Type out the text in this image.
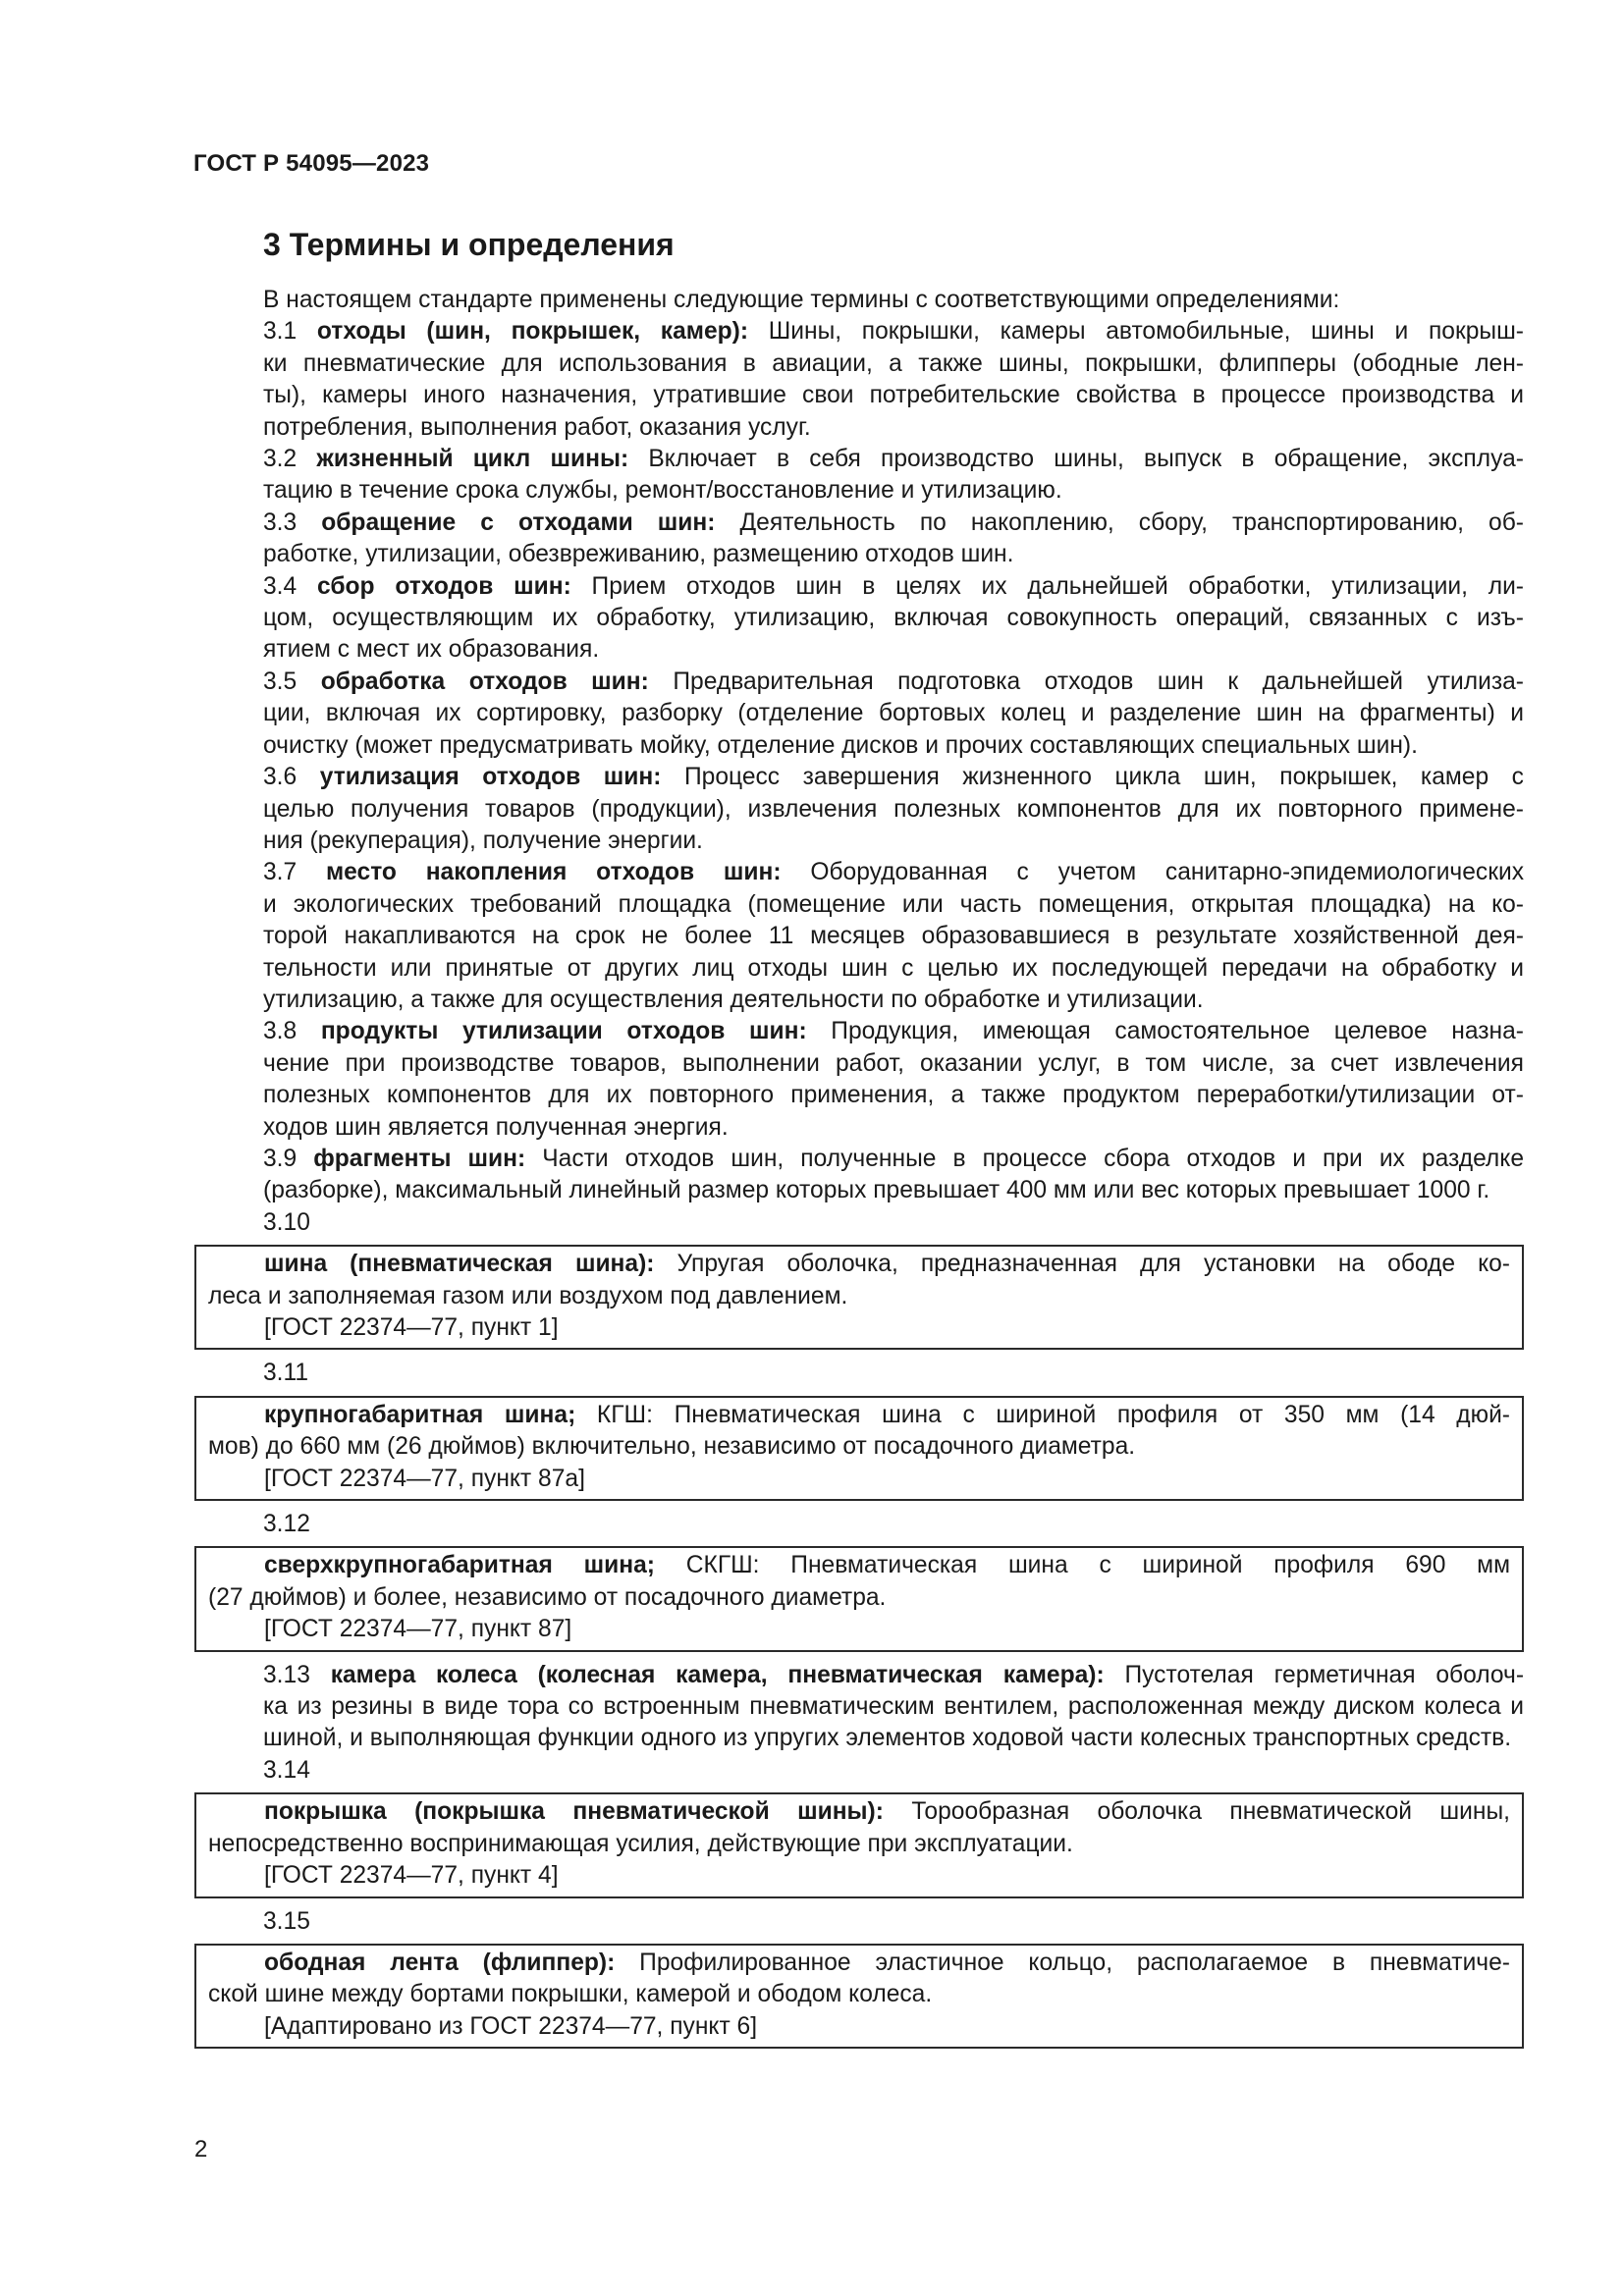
ГОСТ Р 54095—2023
3 Термины и определения

В настоящем стандарте применены следующие термины с соответствующими определениями:

3.1 отходы (шин, покрышек, камер): Шины, покрышки, камеры автомобильные, шины и покрыш-
ки пневматические для использования в авиации, а также шины, покрышки, флипперы (ободные лен-
ты), камеры иного назначения, утратившие свои потребительские свойства в процессе производства и
потребления, выполнения работ, оказания услуг.

3.2 жизненный цикл шины: Включает в себя производство шины, выпуск в обращение, эксплуа-
тацию в течение срока службы, ремонт/восстановление и утилизацию.

3.3 обращение с отходами шин: Деятельность по накоплению, сбору, транспортированию, об-
работке, утилизации, обезвреживанию, размещению отходов шин.

3.4 сбор отходов шин: Прием отходов шин в целях их дальнейшей обработки, утилизации, ли-
цом, осуществляющим их обработку, утилизацию, включая совокупность операций, связанных с изъ-
ятием с мест их образования.

3.5 обработка отходов шин: Предварительная подготовка отходов шин к дальнейшей утилиза-
ции, включая их сортировку, разборку (отделение бортовых колец и разделение шин на фрагменты) и
очистку (может предусматривать мойку, отделение дисков и прочих составляющих специальных шин).

3.6 утилизация отходов шин: Процесс завершения жизненного цикла шин, покрышек, камер с
целью получения товаров (продукции), извлечения полезных компонентов для их повторного примене-
ния (рекуперация), получение энергии.

3.7 место накопления отходов шин: Оборудованная с учетом санитарно-эпидемиологических
и экологических требований площадка (помещение или часть помещения, открытая площадка) на ко-
торой накапливаются на срок не более 11 месяцев образовавшиеся в результате хозяйственной дея-
тельности или принятые от других лиц отходы шин с целью их последующей передачи на обработку и
утилизацию, а также для осуществления деятельности по обработке и утилизации.

3.8 продукты утилизации отходов шин: Продукция, имеющая самостоятельное целевое назна-
чение при производстве товаров, выполнении работ, оказании услуг, в том числе, за счет извлечения
полезных компонентов для их повторного применения, а также продуктом переработки/утилизации от-
ходов шин является полученная энергия.

3.9 фрагменты шин: Части отходов шин, полученные в процессе сбора отходов и при их разделке
(разборке), максимальный линейный размер которых превышает 400 мм или вес которых превышает 1000 г.

3.10

шина (пневматическая шина): Упругая оболочка, предназначенная для установки на ободе ко-
леса и заполняемая газом или воздухом под давлением.
[ГОСТ 22374—77, пункт 1]

3.11

крупногабаритная шина; КГШ: Пневматическая шина с шириной профиля от 350 мм (14 дюй-
мов) до 660 мм (26 дюймов) включительно, независимо от посадочного диаметра.
[ГОСТ 22374—77, пункт 87а]

3.12

сверхкрупногабаритная шина; СКГШ: Пневматическая шина с шириной профиля 690 мм
(27 дюймов) и более, независимо от посадочного диаметра.
[ГОСТ 22374—77, пункт 87]

3.13 камера колеса (колесная камера, пневматическая камера): Пустотелая герметичная оболоч-
ка из резины в виде тора со встроенным пневматическим вентилем, расположенная между диском колеса и
шиной, и выполняющая функции одного из упругих элементов ходовой части колесных транспортных средств.

3.14

покрышка (покрышка пневматической шины): Торообразная оболочка пневматической шины,
непосредственно воспринимающая усилия, действующие при эксплуатации.
[ГОСТ 22374—77, пункт 4]

3.15

ободная лента (флиппер): Профилированное эластичное кольцо, располагаемое в пневматиче-
ской шине между бортами покрышки, камерой и ободом колеса.
[Адаптировано из ГОСТ 22374—77, пункт 6]
2
